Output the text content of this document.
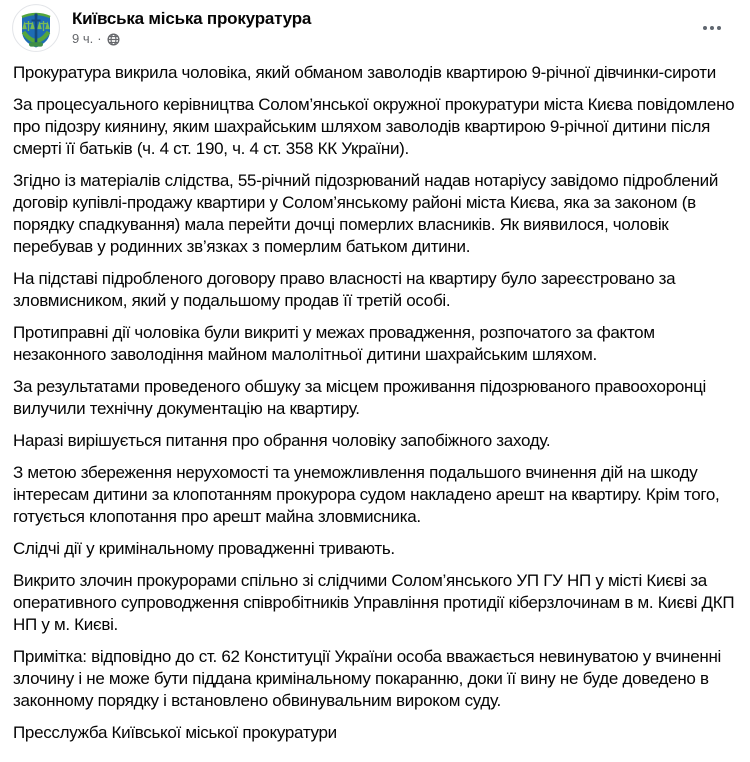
Київська міська прокуратура
9 ч. ·

Прокуратура викрила чоловіка, який обманом заволодів квартирою 9-річної дівчинки-сироти

За процесуального керівництва Солом’янської окружної прокуратури міста Києва повідомлено про підозру киянину, яким шахрайським шляхом заволодів квартирою 9-річної дитини після смерті її батьків (ч. 4 ст. 190, ч. 4 ст. 358 КК України).

Згідно із матеріалів слідства, 55-річний підозрюваний надав нотаріусу завідомо підроблений договір купівлі-продажу квартири у Солом’янському районі міста Києва, яка за законом (в порядку спадкування) мала перейти дочці померлих власників. Як виявилося, чоловік перебував у родинних зв’язках з померлим батьком дитини.

На підставі підробленого договору право власності на квартиру було зареєстровано за зловмисником, який у подальшому продав її третій особі.

Протиправні дії чоловіка були викриті у межах провадження, розпочатого за фактом незаконного заволодіння майном малолітньої дитини шахрайським шляхом.

За результатами проведеного обшуку за місцем проживання підозрюваного правоохоронці вилучили технічну документацію на квартиру.

Наразі вирішується питання про обрання чоловіку запобіжного заходу.

З метою збереження нерухомості та унеможливлення подальшого вчинення дій на шкоду інтересам дитини за клопотанням прокурора судом накладено арешт на квартиру. Крім того, готується клопотання про арешт майна зловмисника.

Слідчі дії у кримінальному провадженні тривають.

Викрито злочин прокурорами спільно зі слідчими Солом’янського УП ГУ НП у місті Києві за оперативного супроводження співробітників Управління протидії кіберзлочинам в м. Києві ДКП НП у м. Києві.

Примітка: відповідно до ст. 62 Конституції України особа вважається невинуватою у вчиненні злочину і не може бути піддана кримінальному покаранню, доки її вину не буде доведено в законному порядку і встановлено обвинувальним вироком суду.

Пресслужба Київської міської прокуратури
